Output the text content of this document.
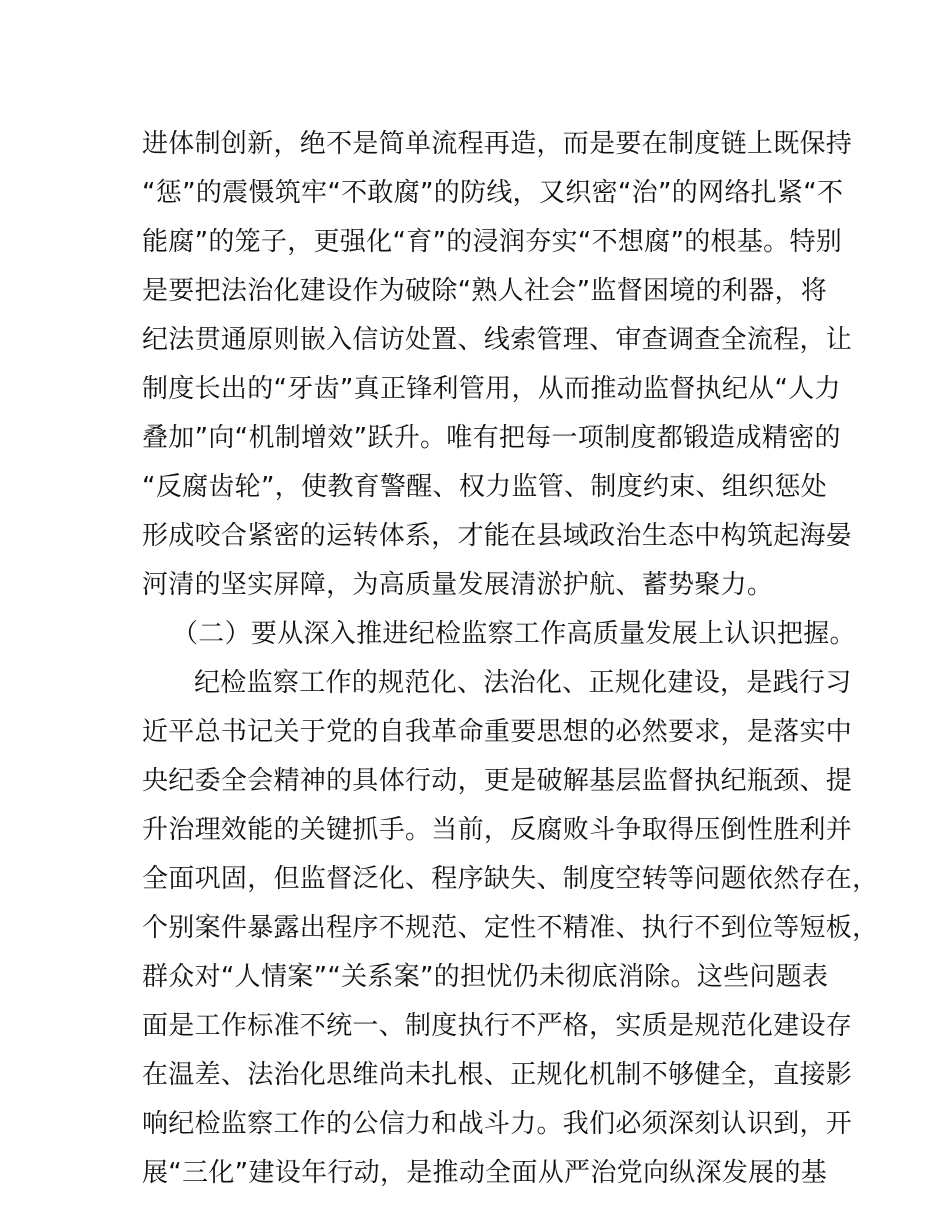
进体制创新，绝不是简单流程再造，而是要在制度链上既保持
“惩”的震慑筑牢“不敢腐”的防线，又织密“治”的网络扎紧“不
能腐”的笼子，更强化“育”的浸润夯实“不想腐”的根基。特别
是要把法治化建设作为破除“熟人社会”监督困境的利器，将
纪法贯通原则嵌入信访处置、线索管理、审查调查全流程，让
制度长出的“牙齿”真正锋利管用，从而推动监督执纪从“人力
叠加”向“机制增效”跃升。唯有把每一项制度都锻造成精密的
“反腐齿轮”，使教育警醒、权力监管、制度约束、组织惩处
形成咬合紧密的运转体系，才能在县域政治生态中构筑起海晏
河清的坚实屏障，为高质量发展清淤护航、蓄势聚力。
（二）要从深入推进纪检监察工作高质量发展上认识把握。
纪检监察工作的规范化、法治化、正规化建设，是践行习
近平总书记关于党的自我革命重要思想的必然要求，是落实中
央纪委全会精神的具体行动，更是破解基层监督执纪瓶颈、提
升治理效能的关键抓手。当前，反腐败斗争取得压倒性胜利并
全面巩固，但监督泛化、程序缺失、制度空转等问题依然存在，
个别案件暴露出程序不规范、定性不精准、执行不到位等短板，
群众对“人情案”“关系案”的担忧仍未彻底消除。这些问题表
面是工作标准不统一、制度执行不严格，实质是规范化建设存
在温差、法治化思维尚未扎根、正规化机制不够健全，直接影
响纪检监察工作的公信力和战斗力。我们必须深刻认识到，开
展“三化”建设年行动，是推动全面从严治党向纵深发展的基
